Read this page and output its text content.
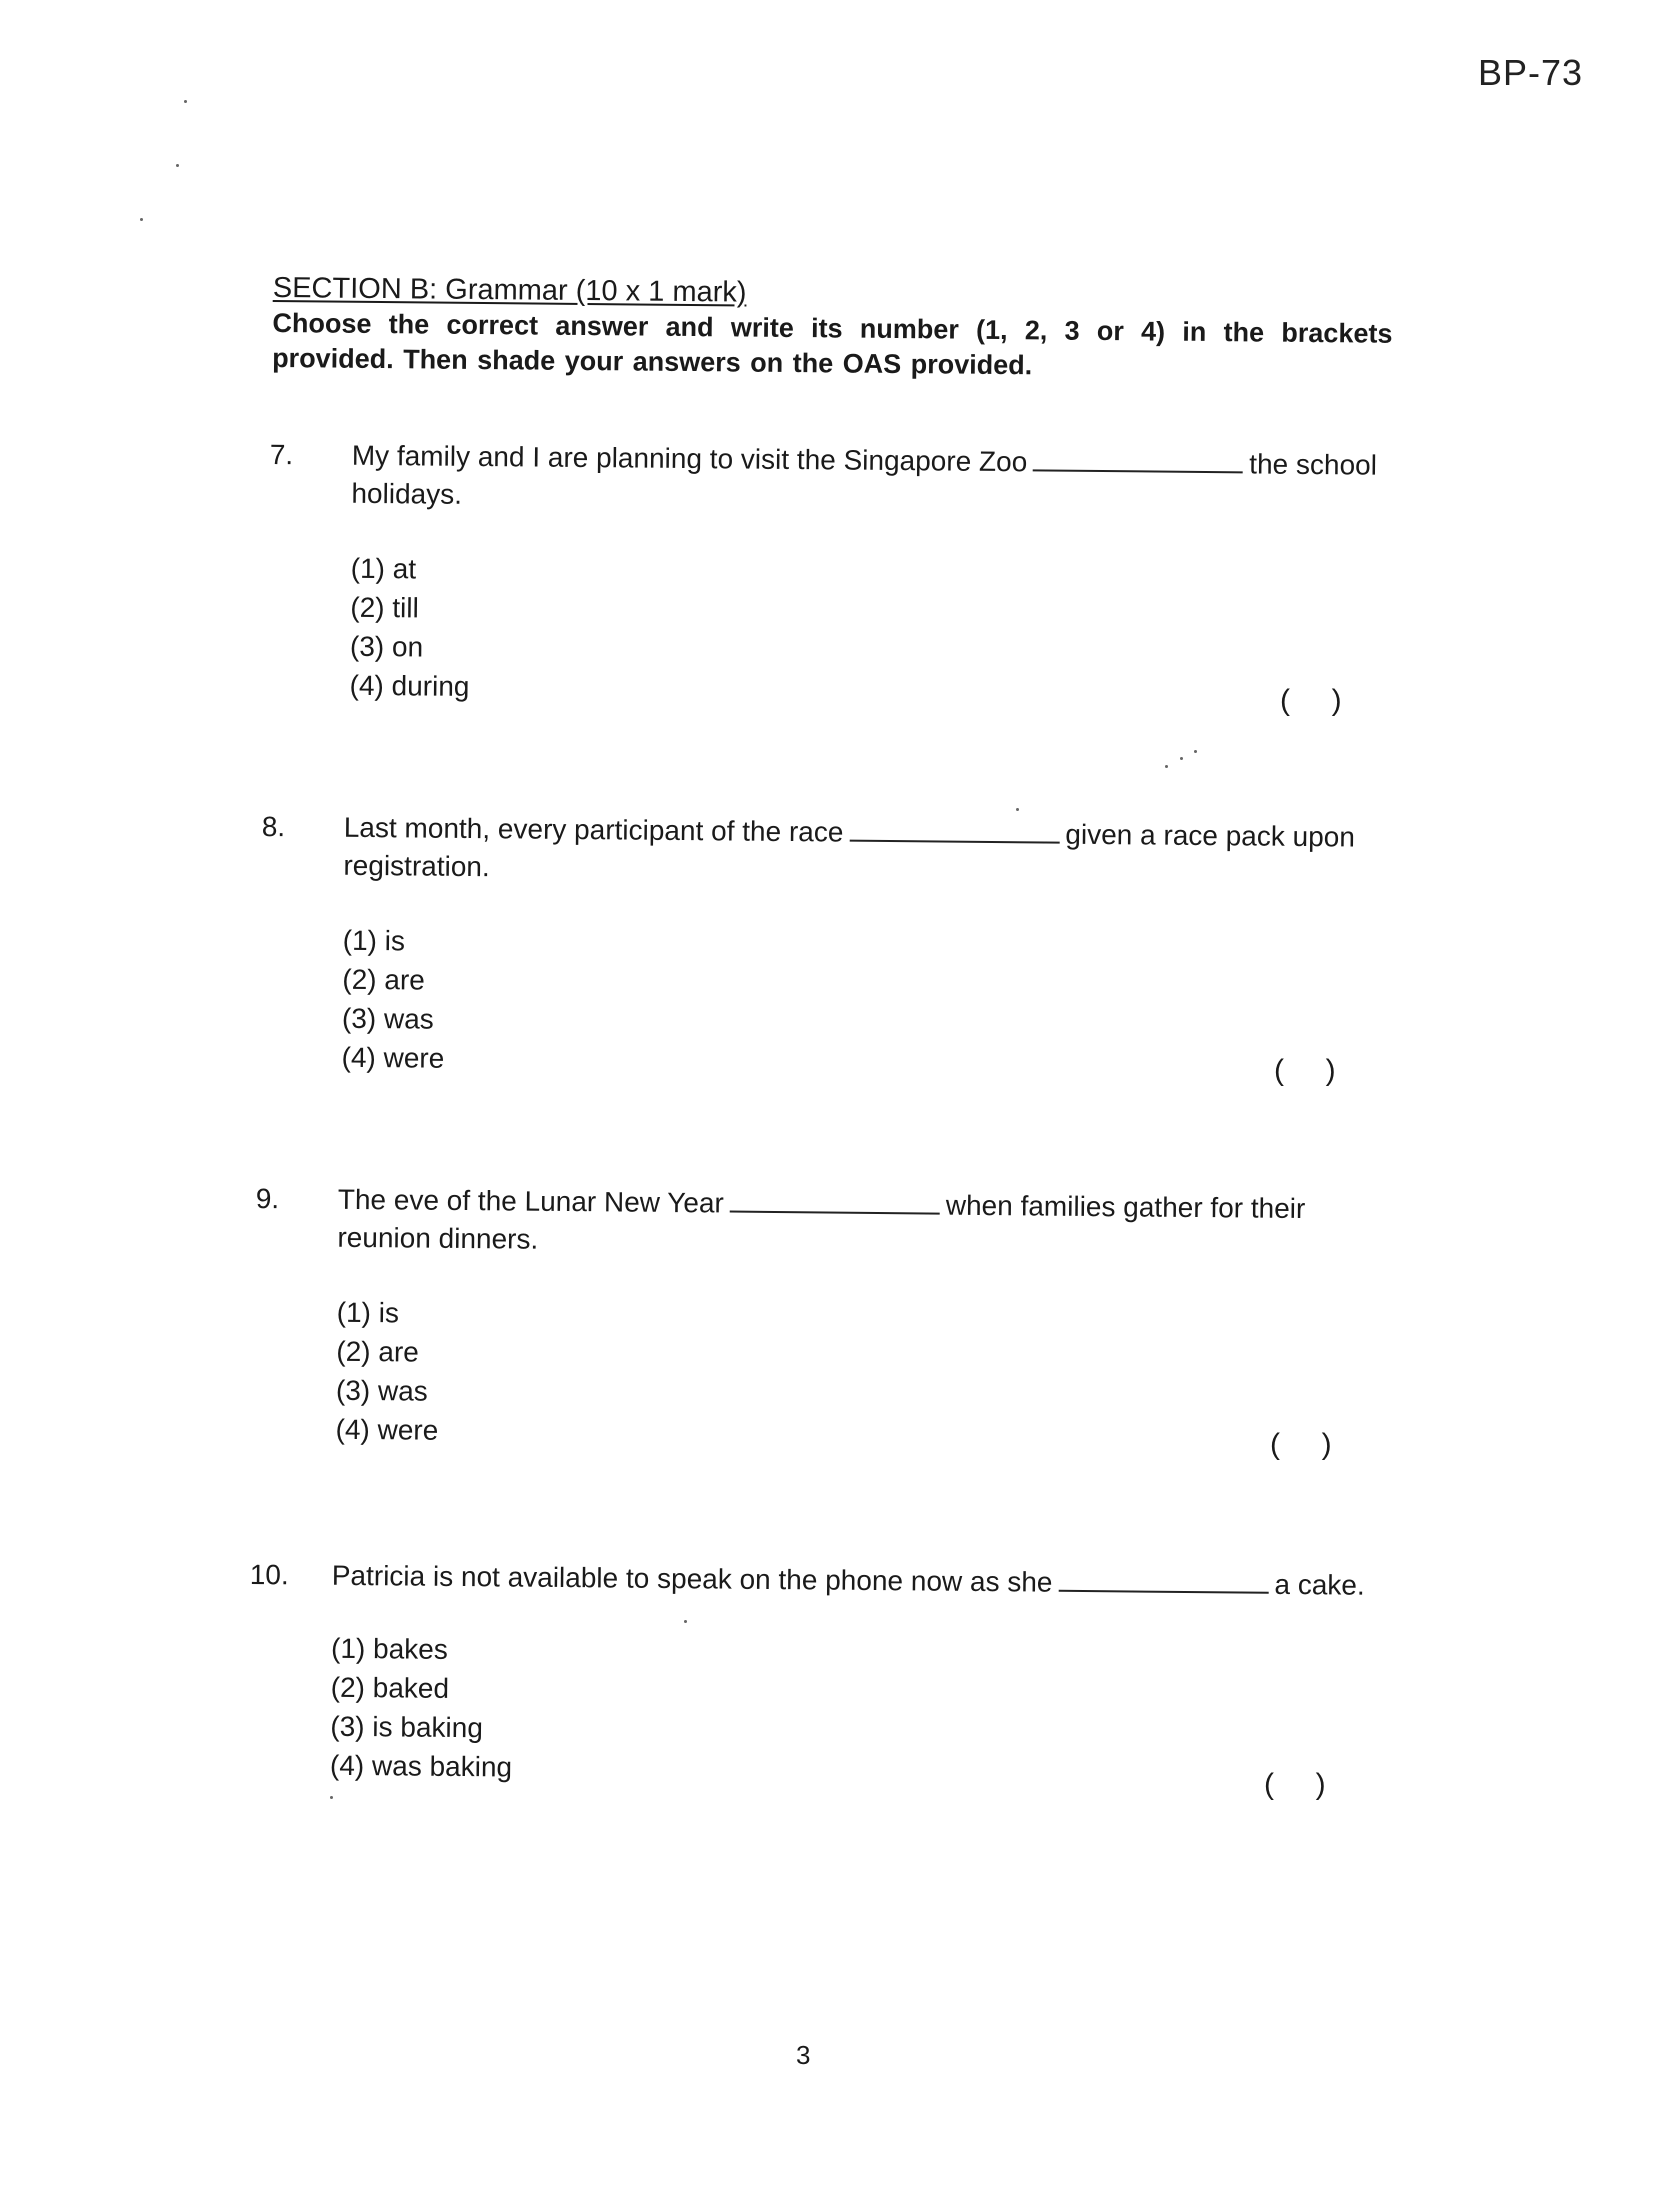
BP-73

SECTION B: Grammar (10 x 1 mark)

Choose the correct answer and write its number (1, 2, 3 or 4) in the brackets provided. Then shade your answers on the OAS provided.

7. My family and I are planning to visit the Singapore Zoo	the school

holidays.

(1) at
(2) till
(3) on
(4) during	(     )
8. Last month, every participant of the race	given a race pack upon

registration.

(1) is
(2) are
(3) was
(4) were	(     )
9. The eve of the Lunar New Year	when families gather for their

reunion dinners.

(1) is
(2) are
(3) was
(4) were	(     )
10. Patricia is not available to speak on the phone now as she	a cake.

(1) bakes
(2) baked
(3) is baking
(4) was baking
(     )
3
